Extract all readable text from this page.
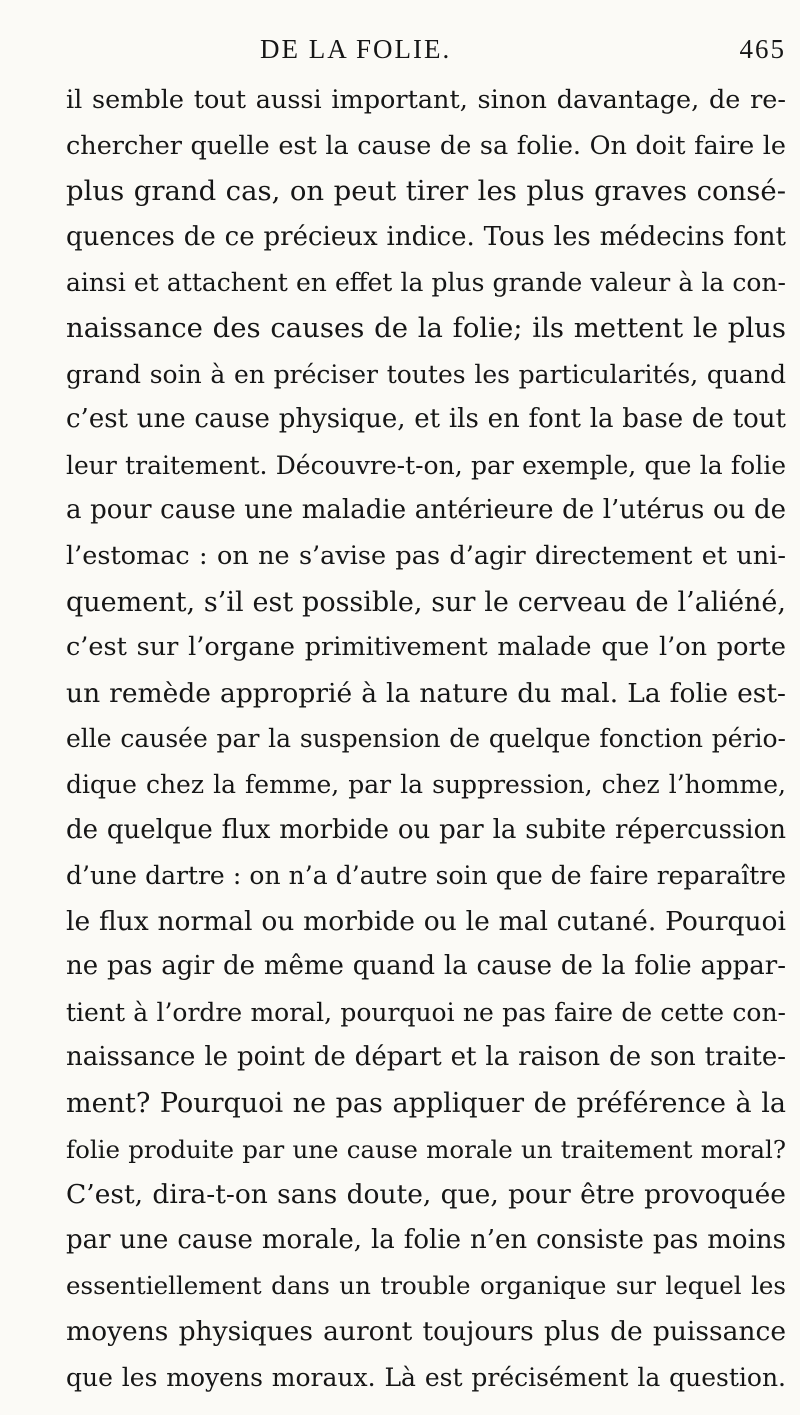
DE LA FOLIE.	465
il semble tout aussi important, sinon davantage, de re-
chercher quelle est la cause de sa folie. On doit faire le
plus grand cas, on peut tirer les plus graves consé-
quences de ce précieux indice. Tous les médecins font
ainsi et attachent en effet la plus grande valeur à la con-
naissance des causes de la folie; ils mettent le plus
grand soin à en préciser toutes les particularités, quand
c’est une cause physique, et ils en font la base de tout
leur traitement. Découvre-t-on, par exemple, que la folie
a pour cause une maladie antérieure de l’utérus ou de
l’estomac : on ne s’avise pas d’agir directement et uni-
quement, s’il est possible, sur le cerveau de l’aliéné,
c’est sur l’organe primitivement malade que l’on porte
un remède approprié à la nature du mal. La folie est-
elle causée par la suspension de quelque fonction pério-
dique chez la femme, par la suppression, chez l’homme,
de quelque flux morbide ou par la subite répercussion
d’une dartre : on n’a d’autre soin que de faire reparaître
le flux normal ou morbide ou le mal cutané. Pourquoi
ne pas agir de même quand la cause de la folie appar-
tient à l’ordre moral, pourquoi ne pas faire de cette con-
naissance le point de départ et la raison de son traite-
ment? Pourquoi ne pas appliquer de préférence à la
folie produite par une cause morale un traitement moral?
C’est, dira-t-on sans doute, que, pour être provoquée
par une cause morale, la folie n’en consiste pas moins
essentiellement dans un trouble organique sur lequel les
moyens physiques auront toujours plus de puissance
que les moyens moraux. Là est précisément la question.
